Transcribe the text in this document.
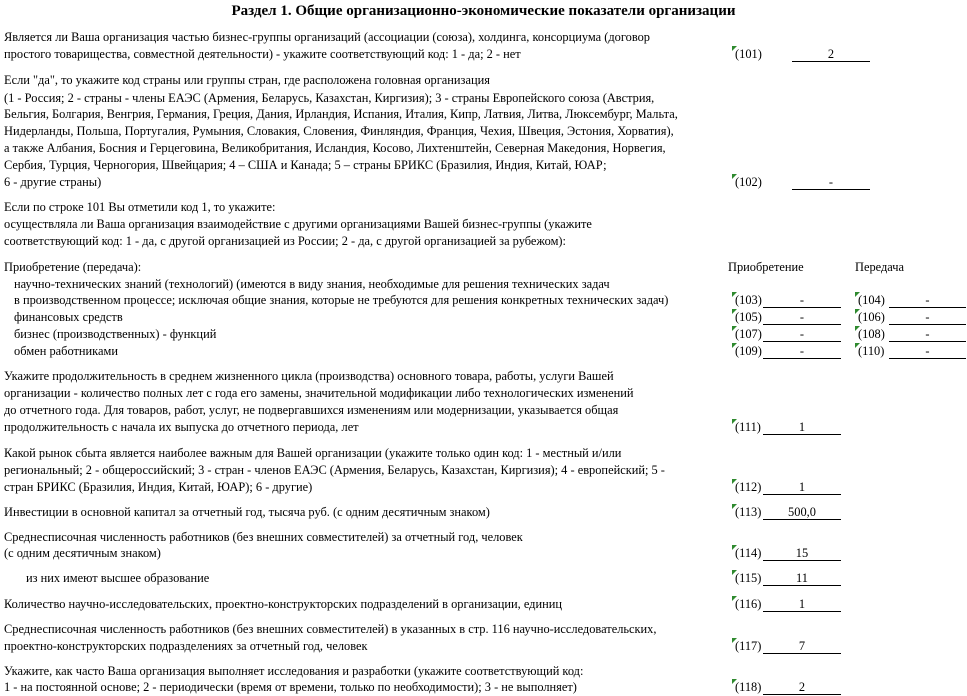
Раздел 1. Общие организационно-экономические показатели организации
Является ли Ваша организация частью бизнес-группы организаций (ассоциации (союза), холдинга, консорциума (договор
простого товарищества, совместной деятельности) - укажите соответствующий код: 1 - да; 2 - нет	(101)	2
Если "да", то укажите код страны или группы стран, где расположена головная организация
(1 - Россия; 2 - страны - члены ЕАЭС (Армения, Беларусь, Казахстан, Киргизия); 3 - страны Европейского союза (Австрия,
Бельгия, Болгария, Венгрия, Германия, Греция, Дания, Ирландия, Испания, Италия, Кипр, Латвия, Литва, Люксембург, Мальта,
Нидерланды, Польша, Португалия, Румыния, Словакия, Словения, Финляндия, Франция, Чехия, Швеция, Эстония, Хорватия),
а также Албания, Босния и Герцеговина, Великобритания, Исландия, Косово, Лихтенштейн, Северная Македония, Норвегия,
Сербия, Турция, Черногория, Швейцария; 4 – США и Канада; 5 – страны БРИКС (Бразилия, Индия, Китай, ЮАР;
6 - другие страны)	(102)	-
Если по строке 101 Вы отметили код 1, то укажите:
осуществляла ли Ваша организация взаимодействие с другими организациями Вашей бизнес-группы (укажите
соответствующий код: 1 - да, с другой организацией из России; 2 - да, с другой организацией за рубежом):
Приобретение (передача):	Приобретение	Передача
научно-технических знаний (технологий) (имеются в виду знания, необходимые для решения технических задач
в производственном процессе; исключая общие знания, которые не требуются для решения конкретных технических задач)	(103)	-	(104)	-
финансовых средств	(105)	-	(106)	-
бизнес (производственных) - функций	(107)	-	(108)	-
обмен работниками	(109)	-	(110)	-
Укажите продолжительность в среднем жизненного цикла (производства) основного товара, работы, услуги Вашей
организации - количество полных лет с года его замены, значительной модификации либо технологических изменений
до отчетного года. Для товаров, работ, услуг, не подвергавшихся изменениям или модернизации, указывается общая
продолжительность с начала их выпуска до отчетного периода, лет	(111)	1
Какой рынок сбыта является наиболее важным для Вашей организации (укажите только один код: 1 - местный и/или
региональный; 2 - общероссийский; 3 - стран - членов ЕАЭС (Армения, Беларусь, Казахстан, Киргизия); 4 - европейский; 5 -
стран БРИКС (Бразилия, Индия, Китай, ЮАР); 6 - другие)	(112)	1
Инвестиции в основной капитал за отчетный год, тысяча руб. (с одним десятичным знаком)	(113)	500,0
Среднесписочная численность работников (без внешних совместителей) за отчетный год, человек
(с одним десятичным знаком)	(114)	15
из них имеют высшее образование	(115)	11
Количество научно-исследовательских, проектно-конструкторских подразделений в организации, единиц	(116)	1
Среднесписочная численность работников (без внешних совместителей) в указанных в стр. 116 научно-исследовательских,
проектно-конструкторских подразделениях за отчетный год, человек	(117)	7
Укажите, как часто Ваша организация выполняет исследования и разработки (укажите соответствующий код:
1 - на постоянной основе; 2 - периодически (время от времени, только по необходимости); 3 - не выполняет)	(118)	2
